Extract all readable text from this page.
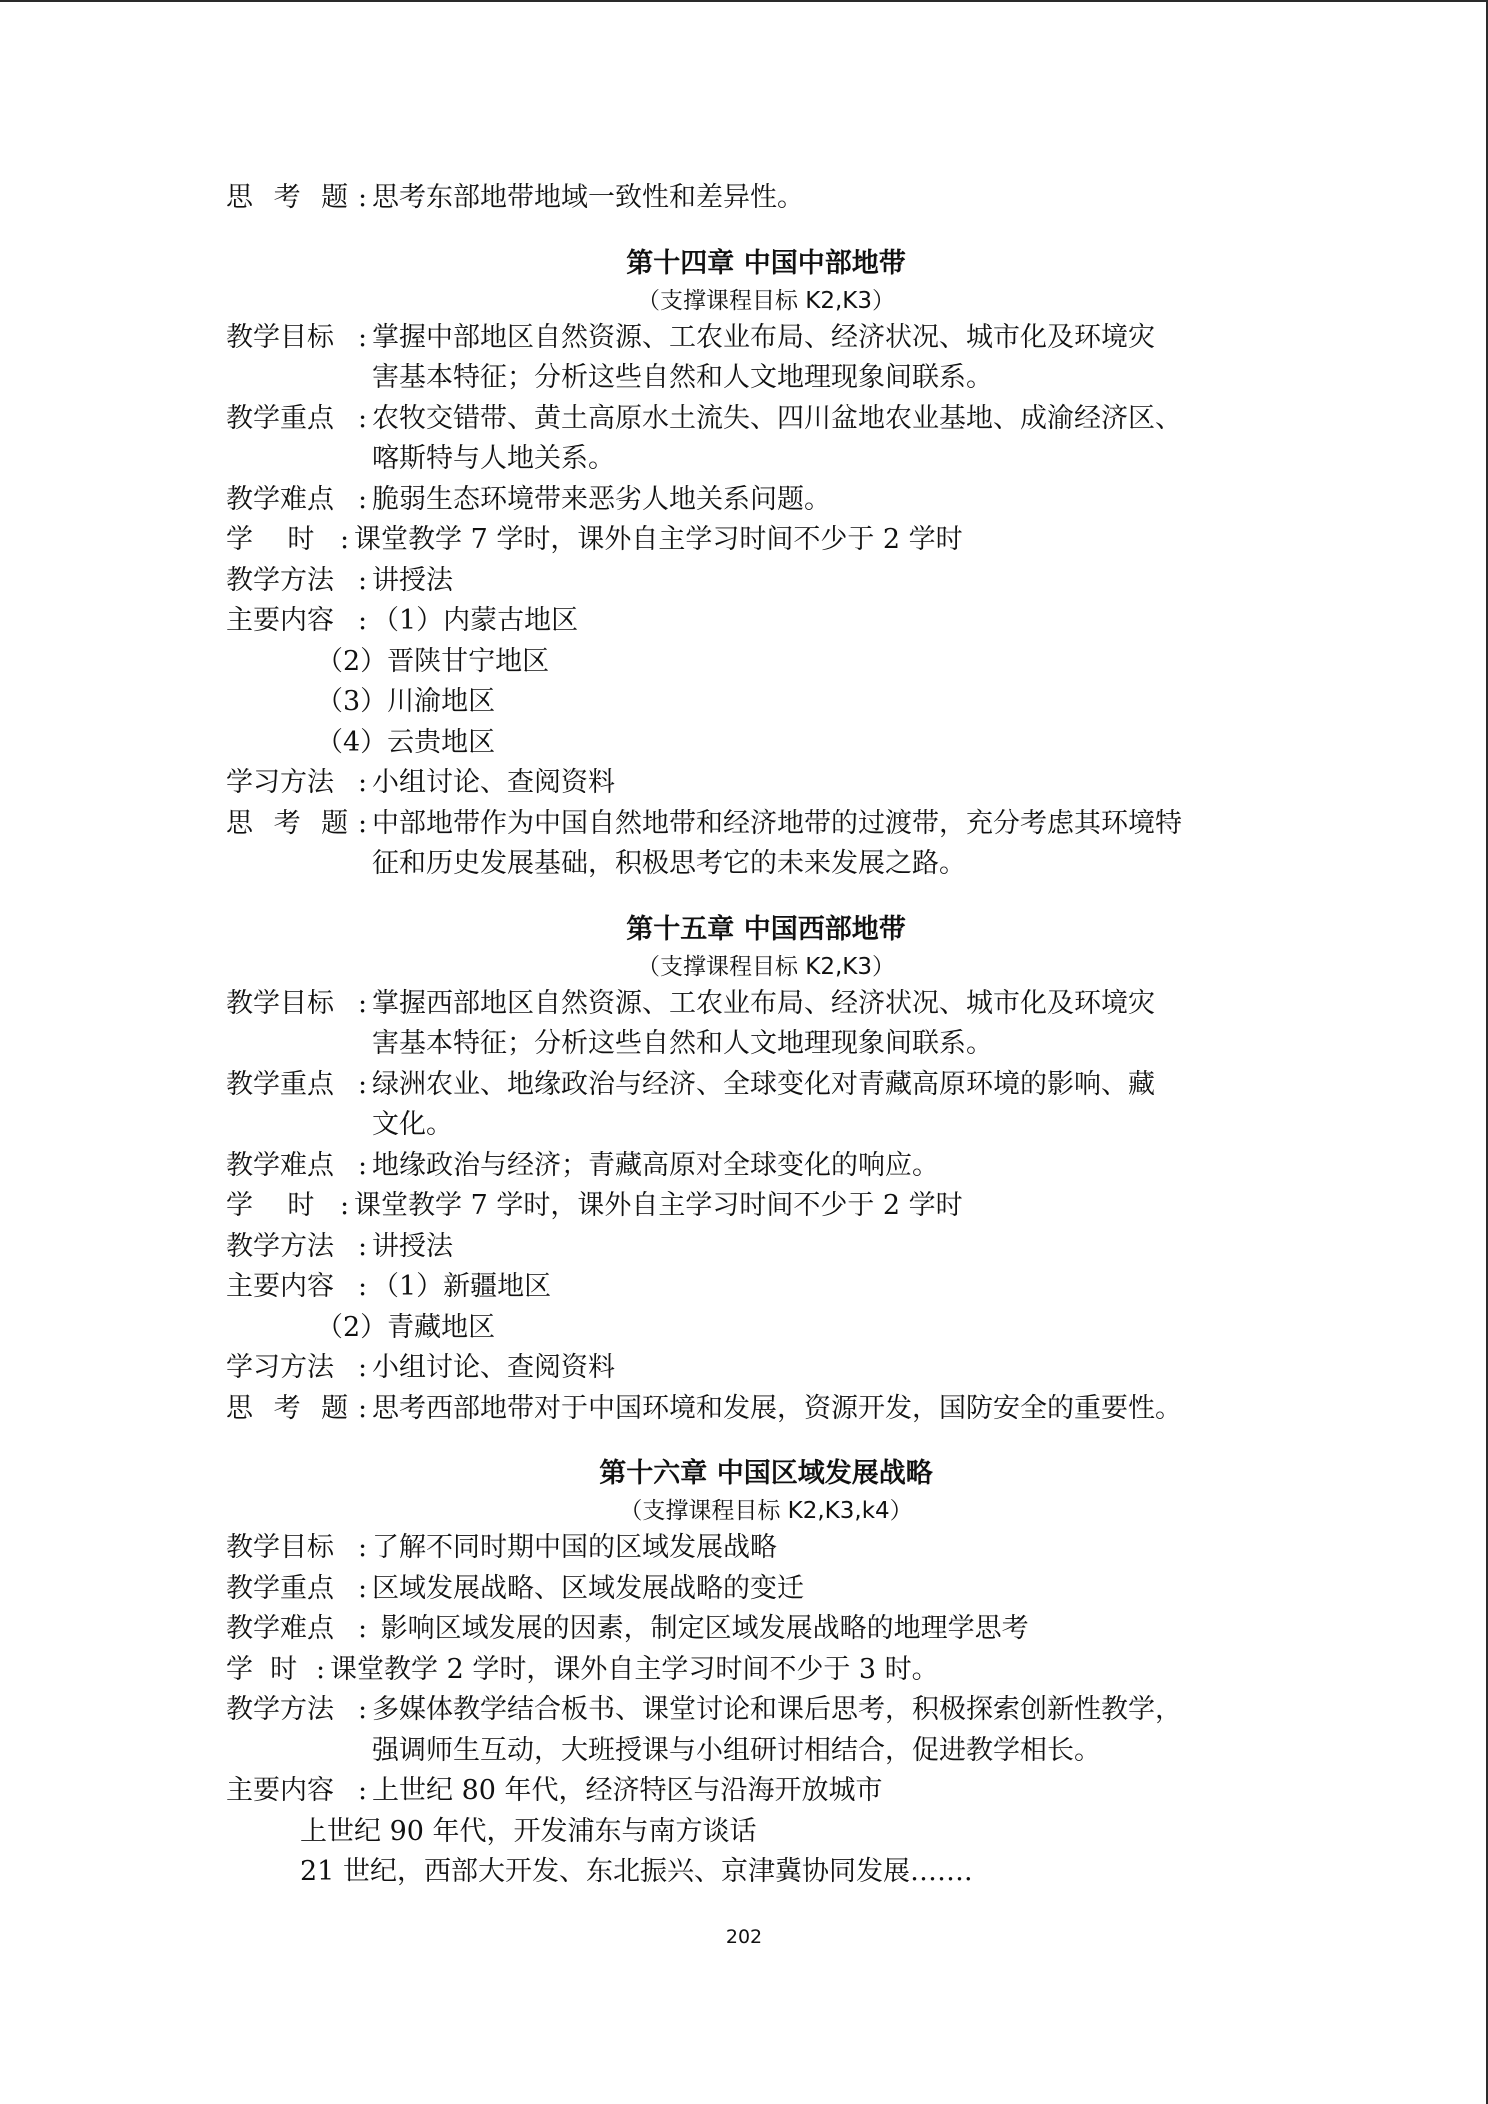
思 考 题 : 思考东部地带地域一致性和差异性。
第十四章 中国中部地带
（支撑课程目标 K2,K3）
教学目标 : 掌握中部地区自然资源、工农业布局、经济状况、城市化及环境灾
害基本特征；分析这些自然和人文地理现象间联系。
教学重点 : 农牧交错带、黄土高原水土流失、四川盆地农业基地、成渝经济区、
喀斯特与人地关系。
教学难点 : 脆弱生态环境带来恶劣人地关系问题。
学    时 : 课堂教学 7 学时，课外自主学习时间不少于 2 学时
教学方法 : 讲授法
主要内容 : （1）内蒙古地区
（2）晋陕甘宁地区
（3）川渝地区
（4）云贵地区
学习方法 : 小组讨论、查阅资料
思 考 题 : 中部地带作为中国自然地带和经济地带的过渡带，充分考虑其环境特
征和历史发展基础，积极思考它的未来发展之路。
第十五章 中国西部地带
（支撑课程目标 K2,K3）
教学目标 : 掌握西部地区自然资源、工农业布局、经济状况、城市化及环境灾
害基本特征；分析这些自然和人文地理现象间联系。
教学重点 : 绿洲农业、地缘政治与经济、全球变化对青藏高原环境的影响、藏
文化。
教学难点 : 地缘政治与经济；青藏高原对全球变化的响应。
学    时 : 课堂教学 7 学时，课外自主学习时间不少于 2 学时
教学方法 : 讲授法
主要内容 : （1）新疆地区
（2）青藏地区
学习方法 : 小组讨论、查阅资料
思 考 题 : 思考西部地带对于中国环境和发展，资源开发，国防安全的重要性。
第十六章 中国区域发展战略
（支撑课程目标 K2,K3,k4）
教学目标 : 了解不同时期中国的区域发展战略
教学重点 : 区域发展战略、区域发展战略的变迁
教学难点 : 影响区域发展的因素，制定区域发展战略的地理学思考
学  时 : 课堂教学 2 学时，课外自主学习时间不少于 3 时。
教学方法 : 多媒体教学结合板书、课堂讨论和课后思考，积极探索创新性教学，
强调师生互动，大班授课与小组研讨相结合，促进教学相长。
主要内容 : 上世纪 80 年代，经济特区与沿海开放城市
上世纪 90 年代，开发浦东与南方谈话
21 世纪，西部大开发、东北振兴、京津冀协同发展…….
202
